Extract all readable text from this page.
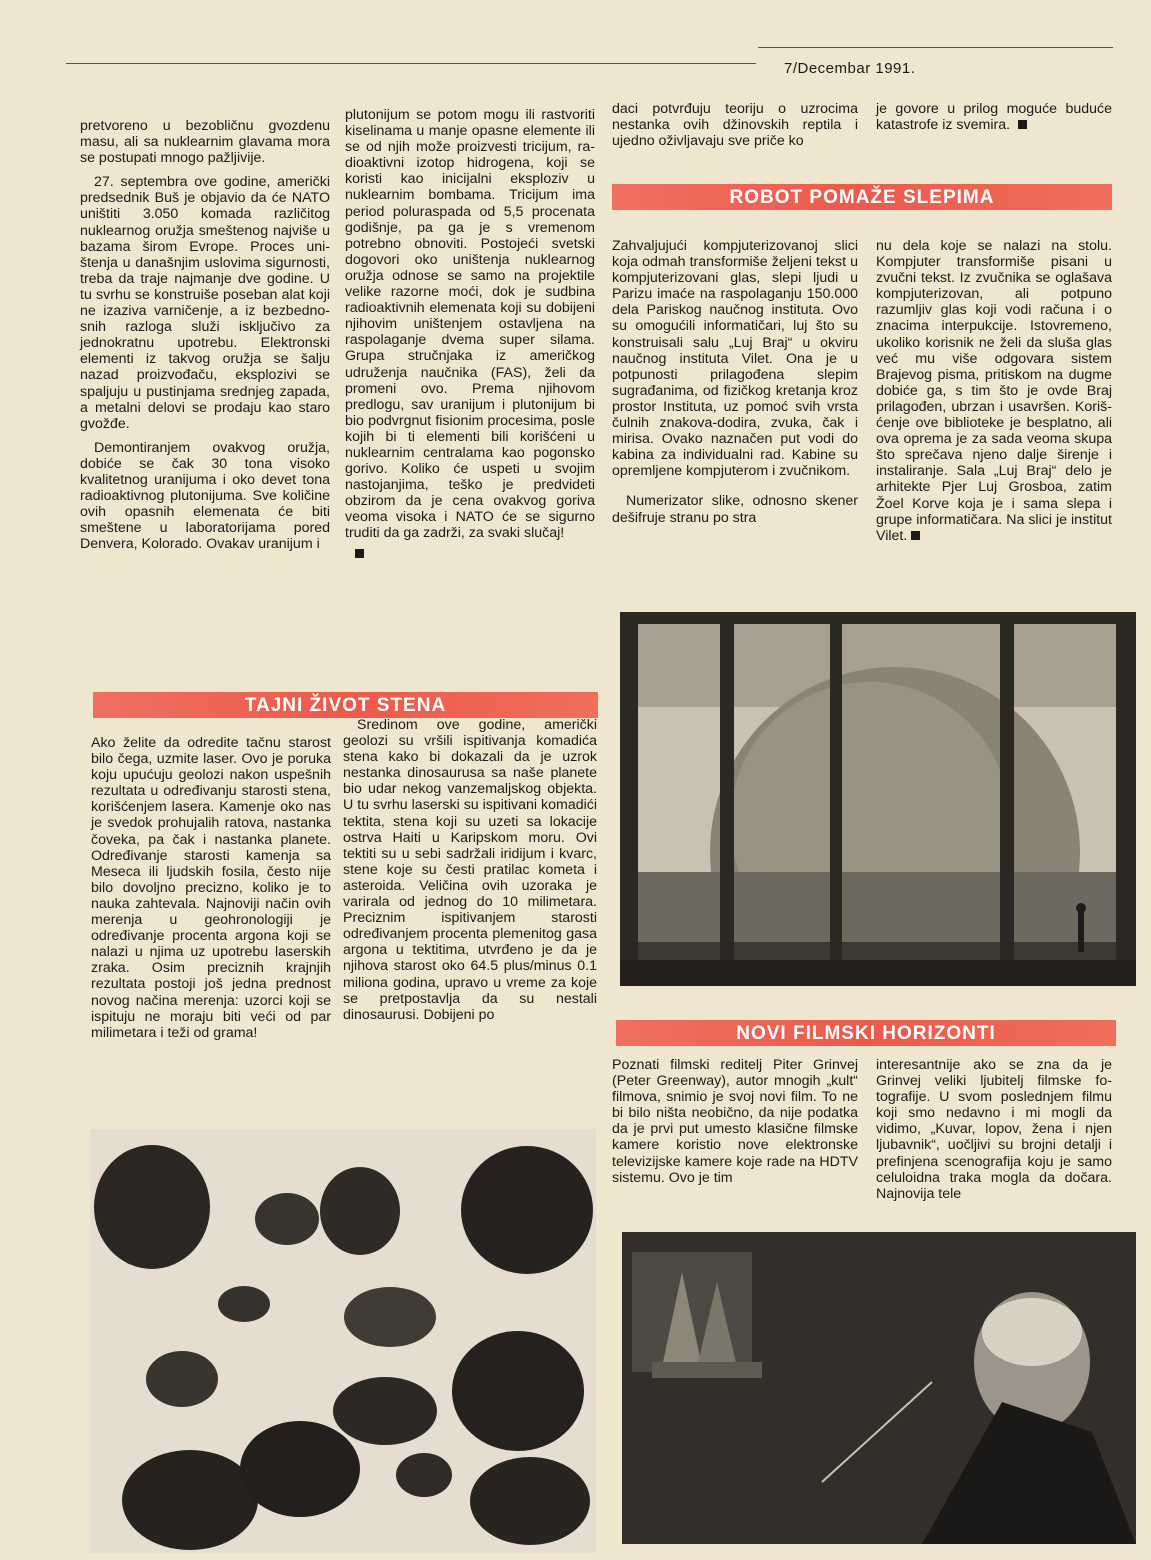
7/Decembar 1991.

pretvoreno u bezobličnu gvozdenu masu, ali sa nuklearnim glavama mora se postupati mnogo pažljivije.

27. septembra ove godine, američki predsednik Buš je objavio da će NATO uništiti 3.050 komada različitog nuklearnog oružja smeštenog najviše u bazama širom Evrope. Proces uništenja u današnjim uslovima sigurnosti, treba da traje najmanje dve godine. U tu svrhu se konstruiše poseban alat koji ne izaziva varničenje, a iz bezbednosnih razloga služi isključivo za jednokratnu upotrebu. Elektronski elementi iz takvog oružja se šalju nazad proizvođaču, eksplozivi se spaljuju u pustinjama srednjeg zapada, a metalni delovi se prodaju kao staro gvožđe.

Demontiranjem ovakvog oružja, dobiće se čak 30 tona visoko kvalitetnog uranijuma i oko devet tona radioaktivnog plutonijuma. Sve količine ovih opasnih elemenata će biti smeštene u laboratorijama pored Denvera, Kolorado. Ovakav uranijum i

plutonijum se potom mogu ili rastvoriti kiselinama u manje opasne elemente ili se od njih može proizvesti tricijum, radioaktivni izotop hidrogena, koji se koristi kao inicijalni eksploziv u nuklearnim bombama. Tricijum ima period poluraspada od 5,5 procenata godišnje, pa ga je s vremenom potrebno obnoviti. Postojeći svetski dogovori oko uništenja nuklearnog oružja odnose se samo na projektile velike razorne moći, dok je sudbina radioaktivnih elemenata koji su dobijeni njihovim uništenjem ostavljena na raspolaganje dvema super silama. Grupa stručnjaka iz američkog udruženja naučnika (FAS), želi da promeni ovo. Prema njihovom predlogu, sav uranijum i plutonijum bi bio podvrgnut fisionim procesima, posle kojih bi ti elementi bili korišćeni u nuklearnim centralama kao pogonsko gorivo. Koliko će uspeti u svojim nastojanjima, teško je predvideti obzirom da je cena ovakvog goriva veoma visoka i NATO će se sigurno truditi da ga zadrži, za svaki slučaj!

daci potvrđuju teoriju o uzrocima nestanka ovih džinovskih reptila i ujedno oživljavaju sve priče ko

je govore u prilog moguće buduće katastrofe iz svemira.
ROBOT POMAŽE SLEPIMA

Zahvaljujući kompjuterizovanoj slici koja odmah transformiše željeni tekst u kompjuterizovani glas, slepi ljudi u Parizu imaće na raspolaganju 150.000 dela Pariskog naučnog instituta. Ovo su omogućili informatičari, luj što su konstruisali salu „Luj Braj“ u okviru naučnog instituta Vilet. Ona je u potpunosti prilagođena slepim sugrađanima, od fizičkog kretanja kroz prostor Instituta, uz pomoć svih vrsta čulnih znakova-dodira, zvuka, čak i mirisa. Ovako naznačen put vodi do kabina za individualni rad. Kabine su opremljene kompjuterom i zvučnikom.

Numerizator slike, odnosno skener dešifruje stranu po stra

nu dela koje se nalazi na stolu. Kompjuter transformiše pisani u zvučni tekst. Iz zvučnika se oglašava kompjuterizovan, ali potpuno razumljiv glas koji vodi računa i o znacima interpukcije. Istovremeno, ukoliko korisnik ne želi da sluša glas već mu više odgovara sistem Brajevog pisma, pritiskom na dugme dobiće ga, s tim što je ovde Braj prilagođen, ubrzan i usavršen. Korišćenje ove biblioteke je besplatno, ali ova oprema je za sada veoma skupa što sprečava njeno dalje širenje i instaliranje. Sala „Luj Braj“ delo je arhitekte Pjer Luj Grosboa, zatim Žoel Korve koja je i sama slepa i grupe informatičara. Na slici je institut Vilet.
NOVI FILMSKI HORIZONTI
Poznati filmski reditelj Piter Grinvej (Peter Greenway), autor mnogih „kult“ filmova, snimio je svoj novi film. To ne bi bilo ništa neobično, da nije podatka da je prvi put umesto klasične filmske kamere koristio nove elektronske televizijske kamere koje rade na HDTV sistemu. Ovo je tim
interesantnije ako se zna da je Grinvej veliki ljubitelj filmske fotografije. U svom poslednjem filmu koji smo nedavno i mi mogli da vidimo, „Kuvar, lopov, žena i njen ljubavnik“, uočljivi su brojni detalji i prefinjena scenografija koju je samo celuloidna traka mogla da dočara. Najnovija tele
TAJNI ŽIVOT STENA
Ako želite da odredite tačnu starost bilo čega, uzmite laser. Ovo je poruka koju upućuju geolozi nakon uspešnih rezultata u određivanju starosti stena, korišćenjem lasera. Kamenje oko nas je svedok prohujalih ratova, nastanka čoveka, pa čak i nastanka planete. Određivanje starosti kamenja sa Meseca ili ljudskih fosila, često nije bilo dovoljno precizno, koliko je to nauka zahtevala. Najnoviji način ovih merenja u geohronologiji je određivanje procenta argona koji se nalazi u njima uz upotrebu laserskih zraka. Osim preciznih krajnjih rezultata postoji još jedna prednost novog načina merenja: uzorci koji se ispituju ne moraju biti veći od par milimetara i teži od grama!

Sredinom ove godine, američki geolozi su vršili ispitivanja komadića stena kako bi dokazali da je uzrok nestanka dinosaurusa sa naše planete bio udar nekog vanzemaljskog objekta. U tu svrhu laserski su ispitivani komadići tektita, stena koji su uzeti sa lokacije ostrva Haiti u Karipskom moru. Ovi tektiti su u sebi sadržali iridijum i kvarc, stene koje su česti pratilac kometa i asteroida. Veličina ovih uzoraka je varirala od jednog do 10 milimetara. Preciznim ispitivanjem starosti određivanjem procenta plemenitog gasa argona u tektitima, utvrđeno je da je njihova starost oko 64.5 plus/minus 0.1 miliona godina, upravo u vreme za koje se pretpostavlja da su nestali dinosaurusi. Dobijeni po
